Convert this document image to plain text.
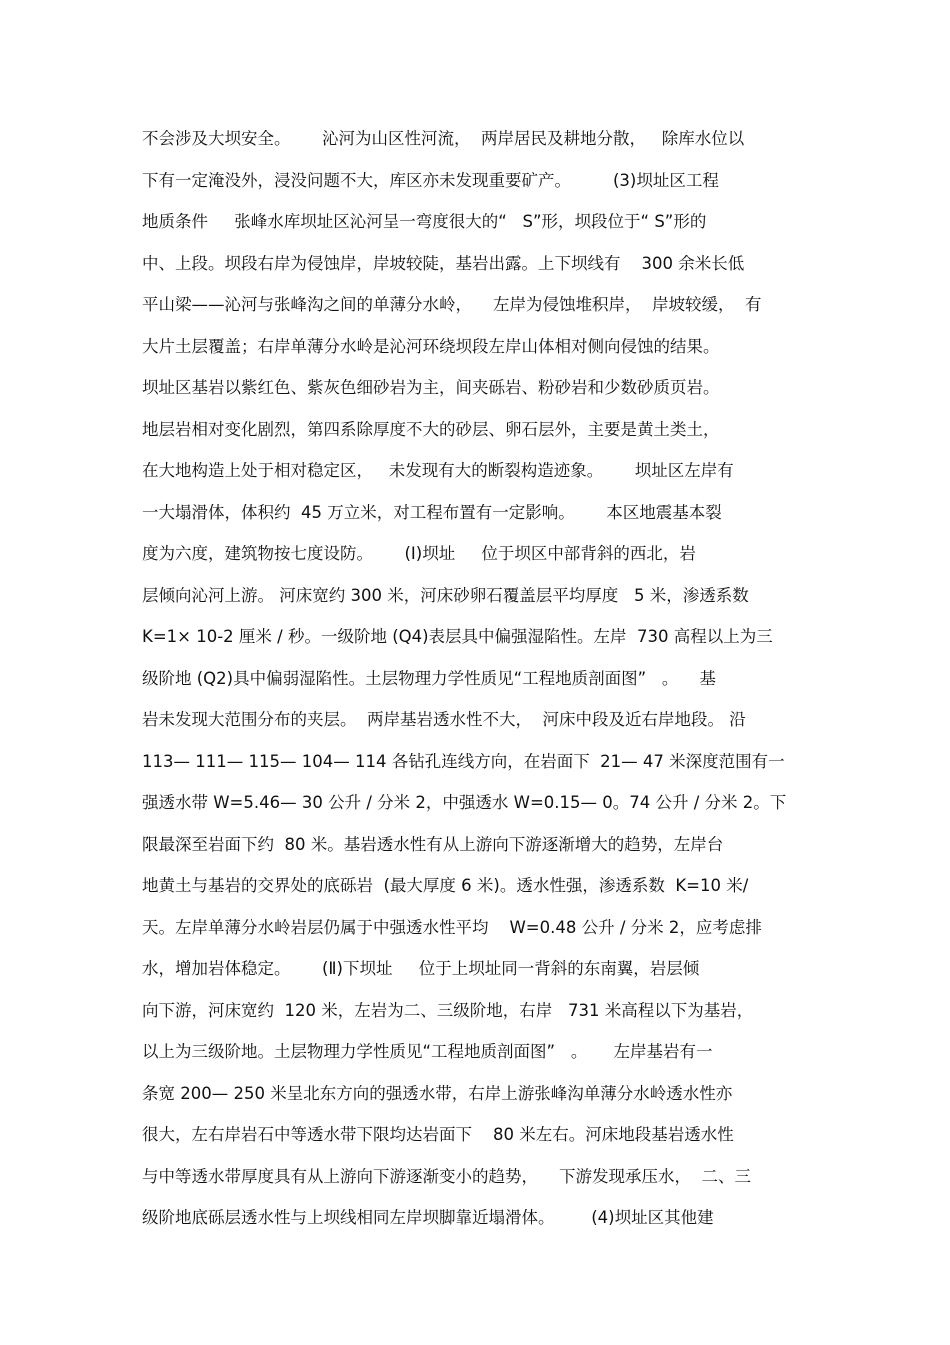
不会涉及大坝安全。      沁河为山区性河流，  两岸居民及耕地分散，   除库水位以
下有一定淹没外，浸没问题不大，库区亦未发现重要矿产。        (3)坝址区工程
地质条件     张峰水库坝址区沁河呈一弯度很大的“   S”形，坝段位于“ S”形的
中、上段。坝段右岸为侵蚀岸，岸坡较陡，基岩出露。上下坝线有    300 余米长低
平山梁——沁河与张峰沟之间的单薄分水岭，    左岸为侵蚀堆积岸，  岸坡较缓，  有
大片土层覆盖；右岸单薄分水岭是沁河环绕坝段左岸山体相对侧向侵蚀的结果。
坝址区基岩以紫红色、紫灰色细砂岩为主，间夹砾岩、粉砂岩和少数砂质页岩。
地层岩相对变化剧烈，第四系除厚度不大的砂层、卵石层外，主要是黄土类土，
在大地构造上处于相对稳定区，   未发现有大的断裂构造迹象。      坝址区左岸有
一大塌滑体，体积约  45 万立米，对工程布置有一定影响。      本区地震基本裂
度为六度，建筑物按七度设防。      (Ⅰ)坝址     位于坝区中部背斜的西北，岩
层倾向沁河上游。 河床宽约 300 米，河床砂卵石覆盖层平均厚度   5 米，渗透系数
K=1× 10-2 厘米 / 秒。一级阶地 (Q4)表层具中偏强湿陷性。左岸  730 高程以上为三
级阶地 (Q2)具中偏弱湿陷性。土层物理力学性质见“工程地质剖面图”   。    基
岩未发现大范围分布的夹层。  两岸基岩透水性不大，  河床中段及近右岸地段。 沿
113— 111— 115— 104— 114 各钻孔连线方向，在岩面下  21— 47 米深度范围有一
强透水带 W=5.46— 30 公升 / 分米 2，中强透水 W=0.15— 0。74 公升 / 分米 2。下
限最深至岩面下约  80 米。基岩透水性有从上游向下游逐渐增大的趋势，左岸台
地黄土与基岩的交界处的底砾岩  (最大厚度 6 米)。透水性强，渗透系数  K=10 米/
天。左岸单薄分水岭岩层仍属于中强透水性平均    W=0.48 公升 / 分米 2，应考虑排
水，增加岩体稳定。      (Ⅱ)下坝址     位于上坝址同一背斜的东南翼，岩层倾
向下游，河床宽约  120 米，左岩为二、三级阶地，右岸   731 米高程以下为基岩，
以上为三级阶地。土层物理力学性质见“工程地质剖面图”   。     左岸基岩有一
条宽 200— 250 米呈北东方向的强透水带，右岸上游张峰沟单薄分水岭透水性亦
很大，左右岸岩石中等透水带下限均达岩面下    80 米左右。河床地段基岩透水性
与中等透水带厚度具有从上游向下游逐渐变小的趋势，    下游发现承压水，  二、三
级阶地底砾层透水性与上坝线相同左岸坝脚靠近塌滑体。       (4)坝址区其他建
